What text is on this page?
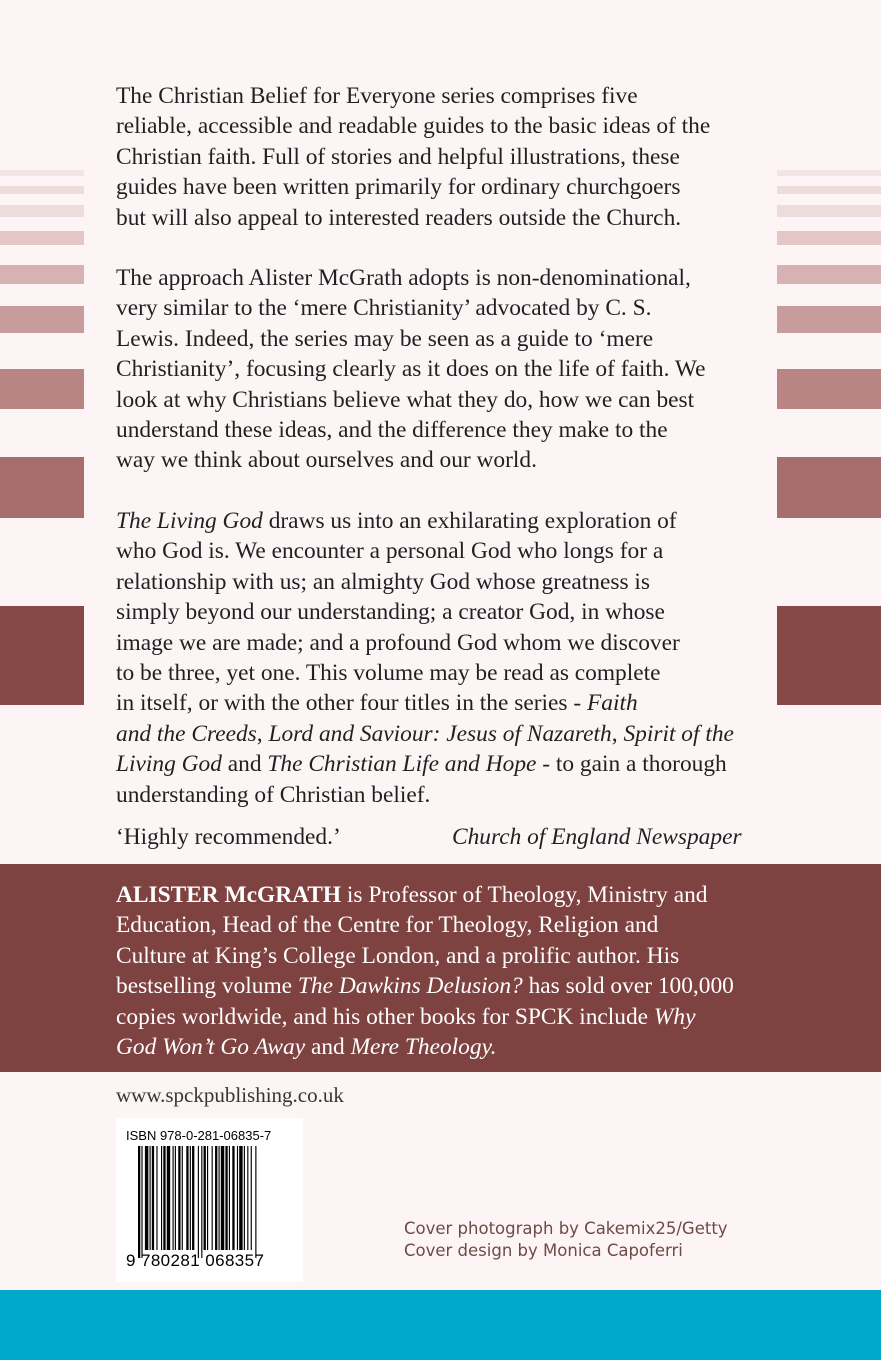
The Christian Belief for Everyone series comprises five
reliable, accessible and readable guides to the basic ideas of the
Christian faith. Full of stories and helpful illustrations, these
guides have been written primarily for ordinary churchgoers
but will also appeal to interested readers outside the Church.
The approach Alister McGrath adopts is non-denominational,
very similar to the ‘mere Christianity’ advocated by C. S.
Lewis. Indeed, the series may be seen as a guide to ‘mere
Christianity’, focusing clearly as it does on the life of faith. We
look at why Christians believe what they do, how we can best
understand these ideas, and the difference they make to the
way we think about ourselves and our world.
The Living God draws us into an exhilarating exploration of
who God is. We encounter a personal God who longs for a
relationship with us; an almighty God whose greatness is
simply beyond our understanding; a creator God, in whose
image we are made; and a profound God whom we discover
to be three, yet one. This volume may be read as complete
in itself, or with the other four titles in the series - Faith
and the Creeds, Lord and Saviour: Jesus of Nazareth, Spirit of the
Living God and The Christian Life and Hope - to gain a thorough
understanding of Christian belief.
‘Highly recommended.’	Church of England Newspaper
ALISTER McGRATH is Professor of Theology, Ministry and
Education, Head of the Centre for Theology, Religion and
Culture at King’s College London, and a prolific author. His
bestselling volume The Dawkins Delusion? has sold over 100,000
copies worldwide, and his other books for SPCK include Why
God Won’t Go Away and Mere Theology.
www.spckpublishing.co.uk
ISBN 978-0-281-06835-7
9 780281 068357
Cover photograph by Cakemix25/Getty
Cover design by Monica Capoferri
